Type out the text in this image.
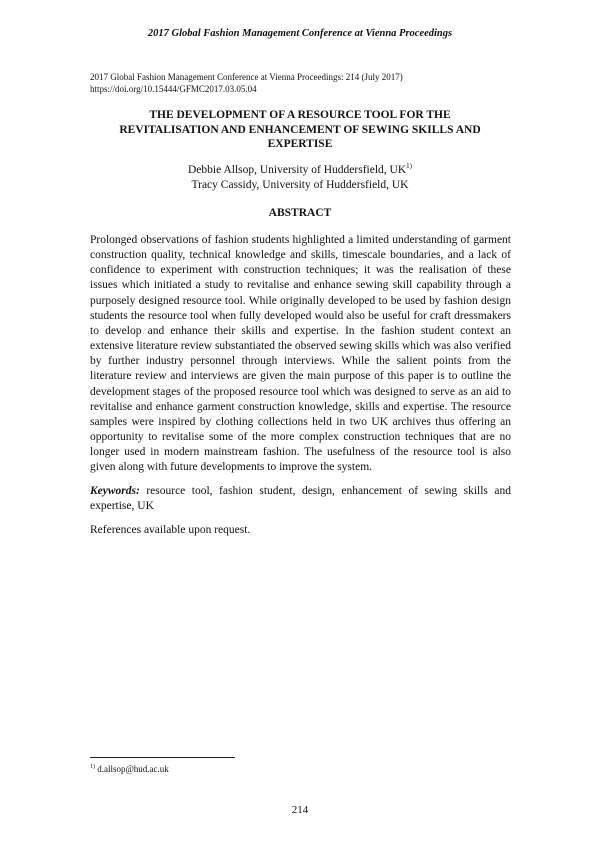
2017 Global Fashion Management Conference at Vienna Proceedings
2017 Global Fashion Management Conference at Vienna Proceedings: 214 (July 2017)
https://doi.org/10.15444/GFMC2017.03.05.04
THE DEVELOPMENT OF A RESOURCE TOOL FOR THE
REVITALISATION AND ENHANCEMENT OF SEWING SKILLS AND
EXPERTISE
Debbie Allsop, University of Huddersfield, UK$^{1)}$
Tracy Cassidy, University of Huddersfield, UK
ABSTRACT

Prolonged observations of fashion students highlighted a limited understanding of garment construction quality, technical knowledge and skills, timescale boundaries, and a lack of confidence to experiment with construction techniques; it was the realisation of these issues which initiated a study to revitalise and enhance sewing skill capability through a purposely designed resource tool. While originally developed to be used by fashion design students the resource tool when fully developed would also be useful for craft dressmakers to develop and enhance their skills and expertise. In the fashion student context an extensive literature review substantiated the observed sewing skills which was also verified by further industry personnel through interviews. While the salient points from the literature review and interviews are given the main purpose of this paper is to outline the development stages of the proposed resource tool which was designed to serve as an aid to revitalise and enhance garment construction knowledge, skills and expertise. The resource samples were inspired by clothing collections held in two UK archives thus offering an opportunity to revitalise some of the more complex construction techniques that are no longer used in modern mainstream fashion. The usefulness of the resource tool is also given along with future developments to improve the system.

Keywords: resource tool, fashion student, design, enhancement of sewing skills and expertise, UK

References available upon request.

$^{1)}$ d.allsop@hud.ac.uk
214
